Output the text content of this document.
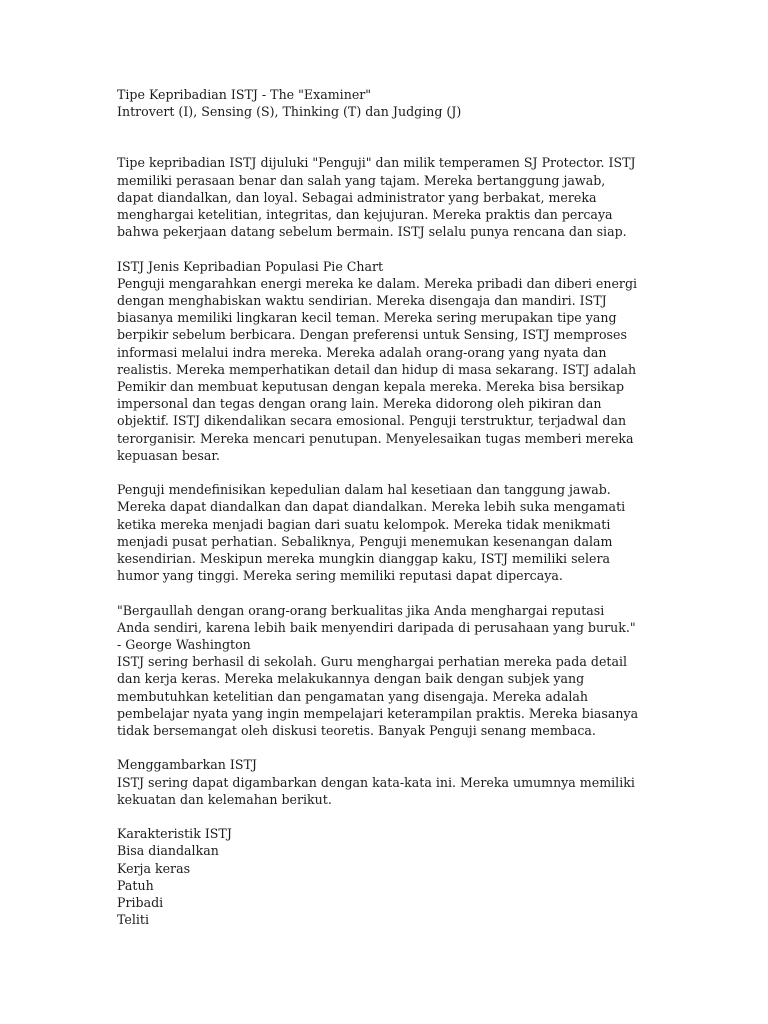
Tipe Kepribadian ISTJ - The "Examiner"
Introvert (I), Sensing (S), Thinking (T) dan Judging (J)
Tipe kepribadian ISTJ dijuluki "Penguji" dan milik temperamen SJ Protector. ISTJ
memiliki perasaan benar dan salah yang tajam. Mereka bertanggung jawab,
dapat diandalkan, dan loyal. Sebagai administrator yang berbakat, mereka
menghargai ketelitian, integritas, dan kejujuran. Mereka praktis dan percaya
bahwa pekerjaan datang sebelum bermain. ISTJ selalu punya rencana dan siap.
ISTJ Jenis Kepribadian Populasi Pie Chart
Penguji mengarahkan energi mereka ke dalam. Mereka pribadi dan diberi energi
dengan menghabiskan waktu sendirian. Mereka disengaja dan mandiri. ISTJ
biasanya memiliki lingkaran kecil teman. Mereka sering merupakan tipe yang
berpikir sebelum berbicara. Dengan preferensi untuk Sensing, ISTJ memproses
informasi melalui indra mereka. Mereka adalah orang-orang yang nyata dan
realistis. Mereka memperhatikan detail dan hidup di masa sekarang. ISTJ adalah
Pemikir dan membuat keputusan dengan kepala mereka. Mereka bisa bersikap
impersonal dan tegas dengan orang lain. Mereka didorong oleh pikiran dan
objektif. ISTJ dikendalikan secara emosional. Penguji terstruktur, terjadwal dan
terorganisir. Mereka mencari penutupan. Menyelesaikan tugas memberi mereka
kepuasan besar.
Penguji mendefinisikan kepedulian dalam hal kesetiaan dan tanggung jawab.
Mereka dapat diandalkan dan dapat diandalkan. Mereka lebih suka mengamati
ketika mereka menjadi bagian dari suatu kelompok. Mereka tidak menikmati
menjadi pusat perhatian. Sebaliknya, Penguji menemukan kesenangan dalam
kesendirian. Meskipun mereka mungkin dianggap kaku, ISTJ memiliki selera
humor yang tinggi. Mereka sering memiliki reputasi dapat dipercaya.
"Bergaullah dengan orang-orang berkualitas jika Anda menghargai reputasi
Anda sendiri, karena lebih baik menyendiri daripada di perusahaan yang buruk."
- George Washington
ISTJ sering berhasil di sekolah. Guru menghargai perhatian mereka pada detail
dan kerja keras. Mereka melakukannya dengan baik dengan subjek yang
membutuhkan ketelitian dan pengamatan yang disengaja. Mereka adalah
pembelajar nyata yang ingin mempelajari keterampilan praktis. Mereka biasanya
tidak bersemangat oleh diskusi teoretis. Banyak Penguji senang membaca.
Menggambarkan ISTJ
ISTJ sering dapat digambarkan dengan kata-kata ini. Mereka umumnya memiliki
kekuatan dan kelemahan berikut.
Karakteristik ISTJ
Bisa diandalkan
Kerja keras
Patuh
Pribadi
Teliti
